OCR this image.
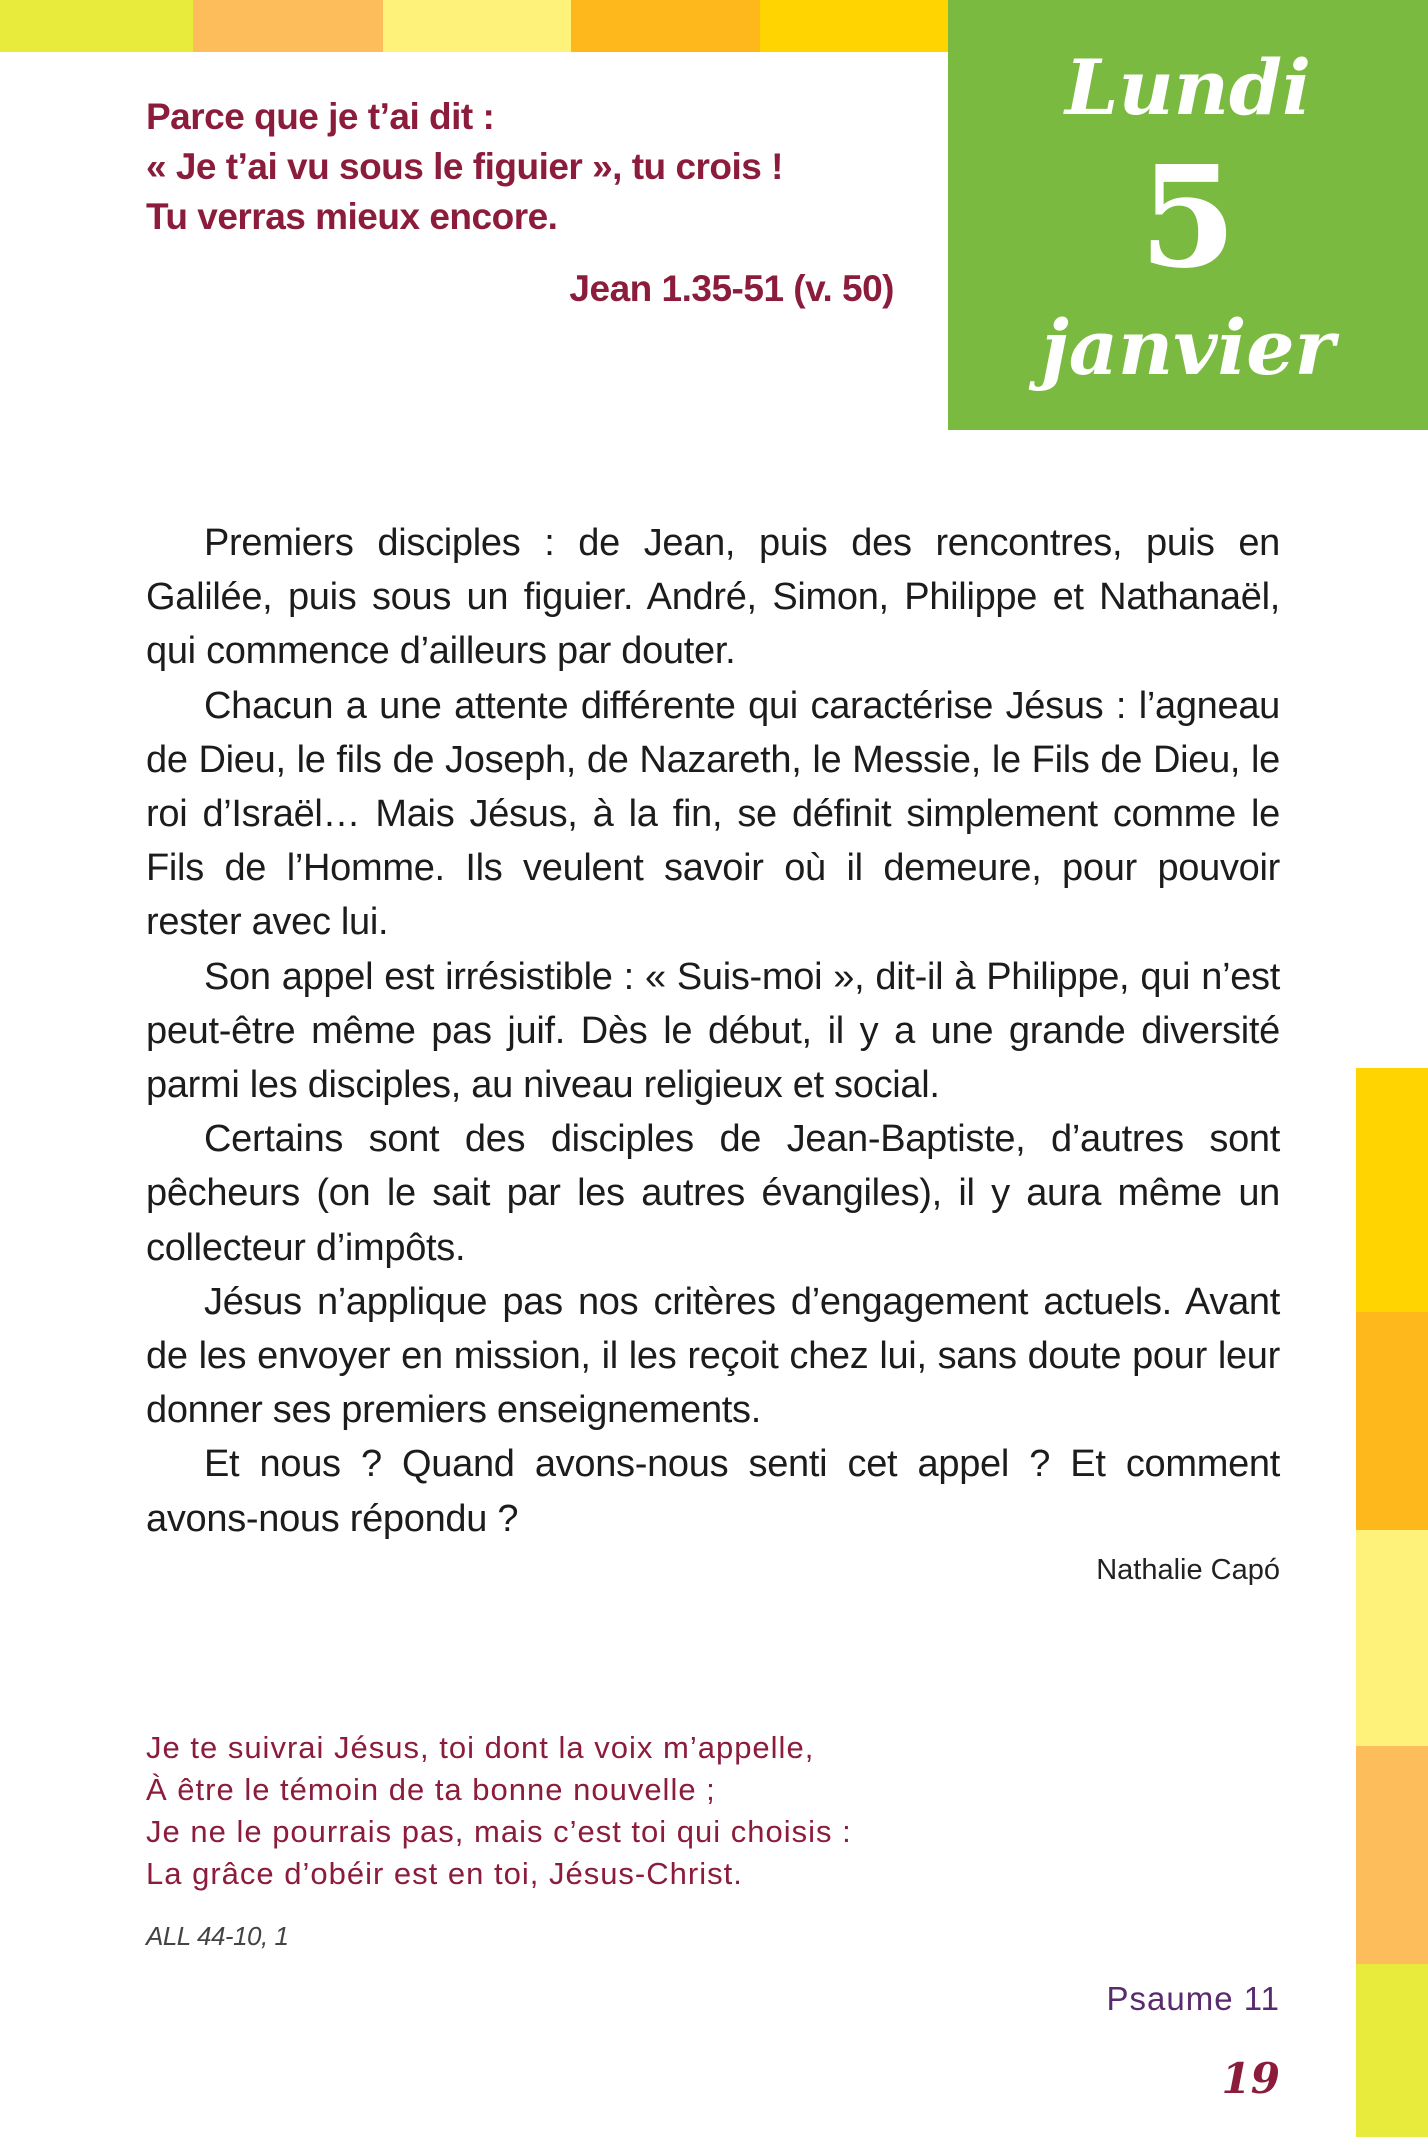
Lundi
5
janvier
Parce que je t’ai dit :
« Je t’ai vu sous le figuier », tu crois !
Tu verras mieux encore.
Jean 1.35-51 (v. 50)

Premiers disciples : de Jean, puis des rencontres, puis en Galilée, puis sous un figuier. André, Simon, Philippe et Nathanaël, qui commence d’ailleurs par douter.

Chacun a une attente différente qui caractérise Jésus : l’agneau de Dieu, le fils de Joseph, de Nazareth, le Messie, le Fils de Dieu, le roi d’Israël… Mais Jésus, à la fin, se définit simplement comme le Fils de l’Homme. Ils veulent savoir où il demeure, pour pouvoir rester avec lui.

Son appel est irrésistible : « Suis-moi », dit-il à Philippe, qui n’est peut-être même pas juif. Dès le début, il y a une grande diversité parmi les disciples, au niveau religieux et social.

Certains sont des disciples de Jean-Baptiste, d’autres sont pêcheurs (on le sait par les autres évangiles), il y aura même un collecteur d’impôts.

Jésus n’applique pas nos critères d’engagement actuels. Avant de les envoyer en mission, il les reçoit chez lui, sans doute pour leur donner ses premiers enseignements.

Et nous ? Quand avons-nous senti cet appel ? Et comment avons-nous répondu ?

Nathalie Capó
Je te suivrai Jésus, toi dont la voix m’appelle,
À être le témoin de ta bonne nouvelle ;
Je ne le pourrais pas, mais c’est toi qui choisis :
La grâce d’obéir est en toi, Jésus-Christ.
ALL 44-10, 1
Psaume 11
19
